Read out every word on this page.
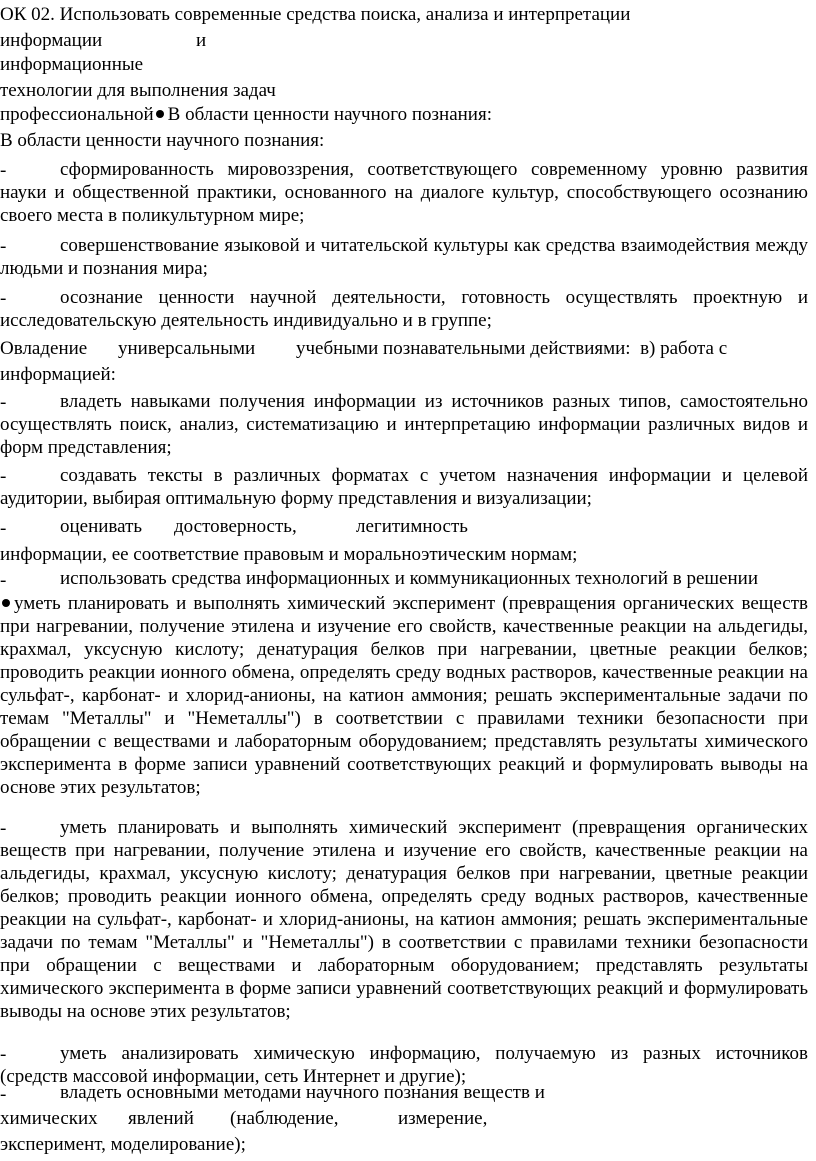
ОК 02. Использовать современные средства поиска, анализа и интерпретации
информации	и
информационные
технологии для выполнения задач
профессиональной В области ценности научного познания:
В области ценности научного познания:
-	сформированность мировоззрения, соответствующего современному уровню развития науки и общественной практики, основанного на диалоге культур, способствующего осознанию своего места в поликультурном мире;
-	совершенствование языковой и читательской культуры как средства взаимодействия между людьми и познания мира;
-	осознание ценности научной деятельности, готовность осуществлять проектную и исследовательскую деятельность индивидуально и в группе;
Овладение универсальными учебными познавательными действиями:  в) работа с
информацией:
-	владеть навыками получения информации из источников разных типов, самостоятельно осуществлять поиск, анализ, систематизацию и интерпретацию информации различных видов и форм представления;
-	создавать тексты в различных форматах с учетом назначения информации и целевой аудитории, выбирая оптимальную форму представления и визуализации;
-	оценивать достоверность,	легитимность
информации, ее соответствие правовым и моральноэтическим нормам;
-	использовать средства информационных и коммуникационных технологий в решении
уметь планировать и выполнять химический эксперимент (превращения органических веществ при нагревании, получение этилена и изучение его свойств, качественные реакции на альдегиды, крахмал, уксусную кислоту; денатурация белков при нагревании, цветные реакции белков; проводить реакции ионного обмена, определять среду водных растворов, качественные реакции на сульфат-, карбонат- и хлорид-анионы, на катион аммония; решать экспериментальные задачи по темам "Металлы" и "Неметаллы") в соответствии с правилами техники безопасности при обращении с веществами и лабораторным оборудованием; представлять результаты химического эксперимента в форме записи уравнений соответствующих реакций и формулировать выводы на основе этих результатов;
-	уметь планировать и выполнять химический эксперимент (превращения органических веществ при нагревании, получение этилена и изучение его свойств, качественные реакции на альдегиды, крахмал, уксусную кислоту; денатурация белков при нагревании, цветные реакции белков; проводить реакции ионного обмена, определять среду водных растворов, качественные реакции на сульфат-, карбонат- и хлорид-анионы, на катион аммония; решать экспериментальные задачи по темам "Металлы" и "Неметаллы") в соответствии с правилами техники безопасности при обращении с веществами и лабораторным оборудованием; представлять результаты химического эксперимента в форме записи уравнений соответствующих реакций и формулировать выводы на основе этих результатов;
-	уметь анализировать химическую информацию, получаемую из разных источников (средств массовой информации, сеть Интернет и другие);
-	владеть основными методами научного познания веществ и
химических явлений (наблюдение,	измерение,
эксперимент, моделирование);
